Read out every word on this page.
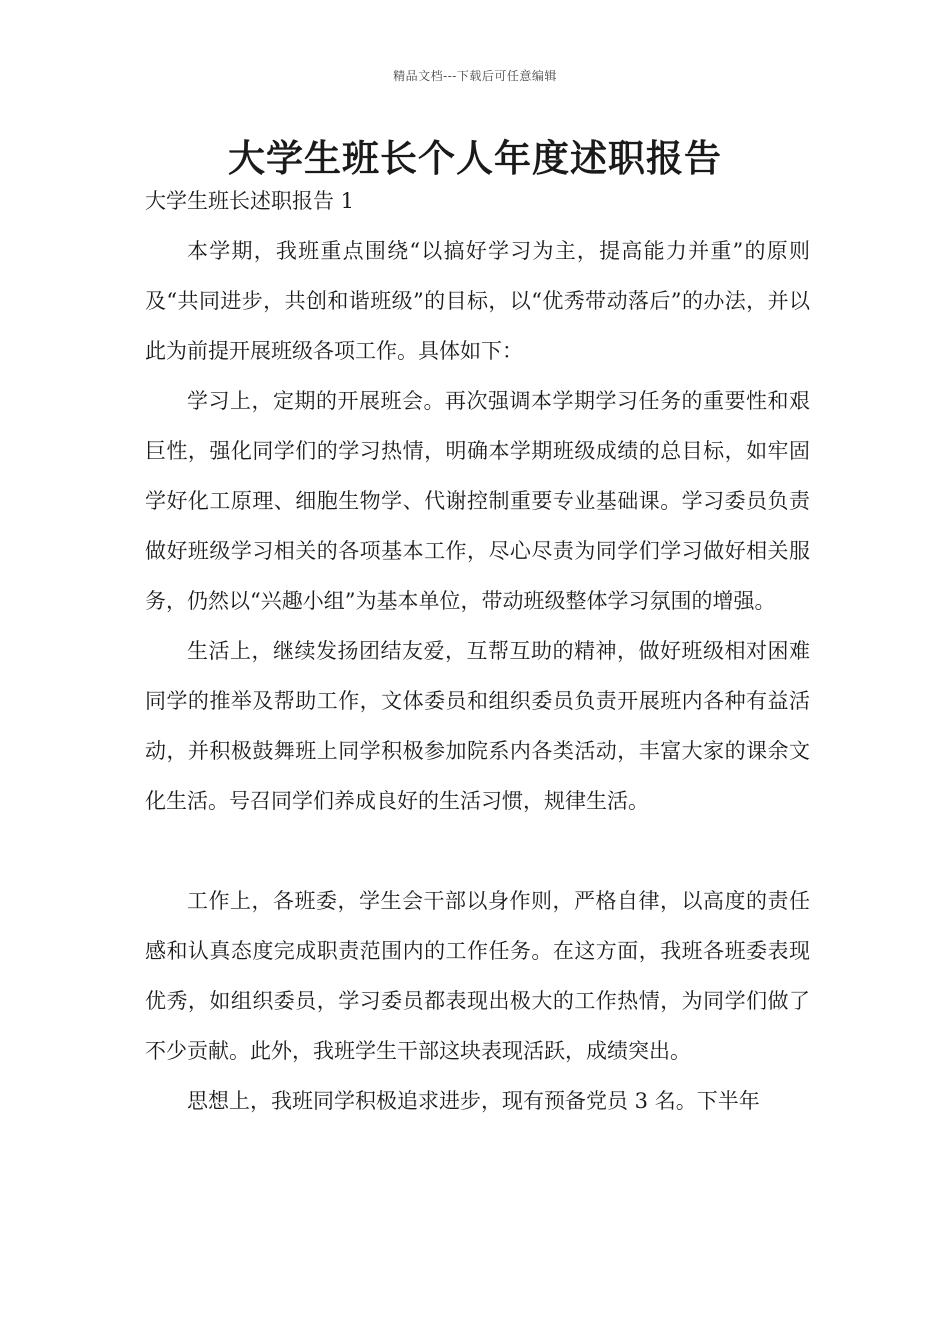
精品文档---下载后可任意编辑
大学生班长个人年度述职报告

大学生班长述职报告 1

本学期，我班重点围绕“以搞好学习为主，提高能力并重”的原则及“共同进步，共创和谐班级”的目标，以“优秀带动落后”的办法，并以此为前提开展班级各项工作。具体如下：

学习上，定期的开展班会。再次强调本学期学习任务的重要性和艰巨性，强化同学们的学习热情，明确本学期班级成绩的总目标，如牢固学好化工原理、细胞生物学、代谢控制重要专业基础课。学习委员负责做好班级学习相关的各项基本工作，尽心尽责为同学们学习做好相关服务，仍然以“兴趣小组”为基本单位，带动班级整体学习氛围的增强。

生活上，继续发扬团结友爱，互帮互助的精神，做好班级相对困难同学的推举及帮助工作，文体委员和组织委员负责开展班内各种有益活动，并积极鼓舞班上同学积极参加院系内各类活动，丰富大家的课余文化生活。号召同学们养成良好的生活习惯，规律生活。

工作上，各班委，学生会干部以身作则，严格自律，以高度的责任感和认真态度完成职责范围内的工作任务。在这方面，我班各班委表现优秀，如组织委员，学习委员都表现出极大的工作热情，为同学们做了不少贡献。此外，我班学生干部这块表现活跃，成绩突出。

思想上，我班同学积极追求进步，现有预备党员 3 名。下半年
